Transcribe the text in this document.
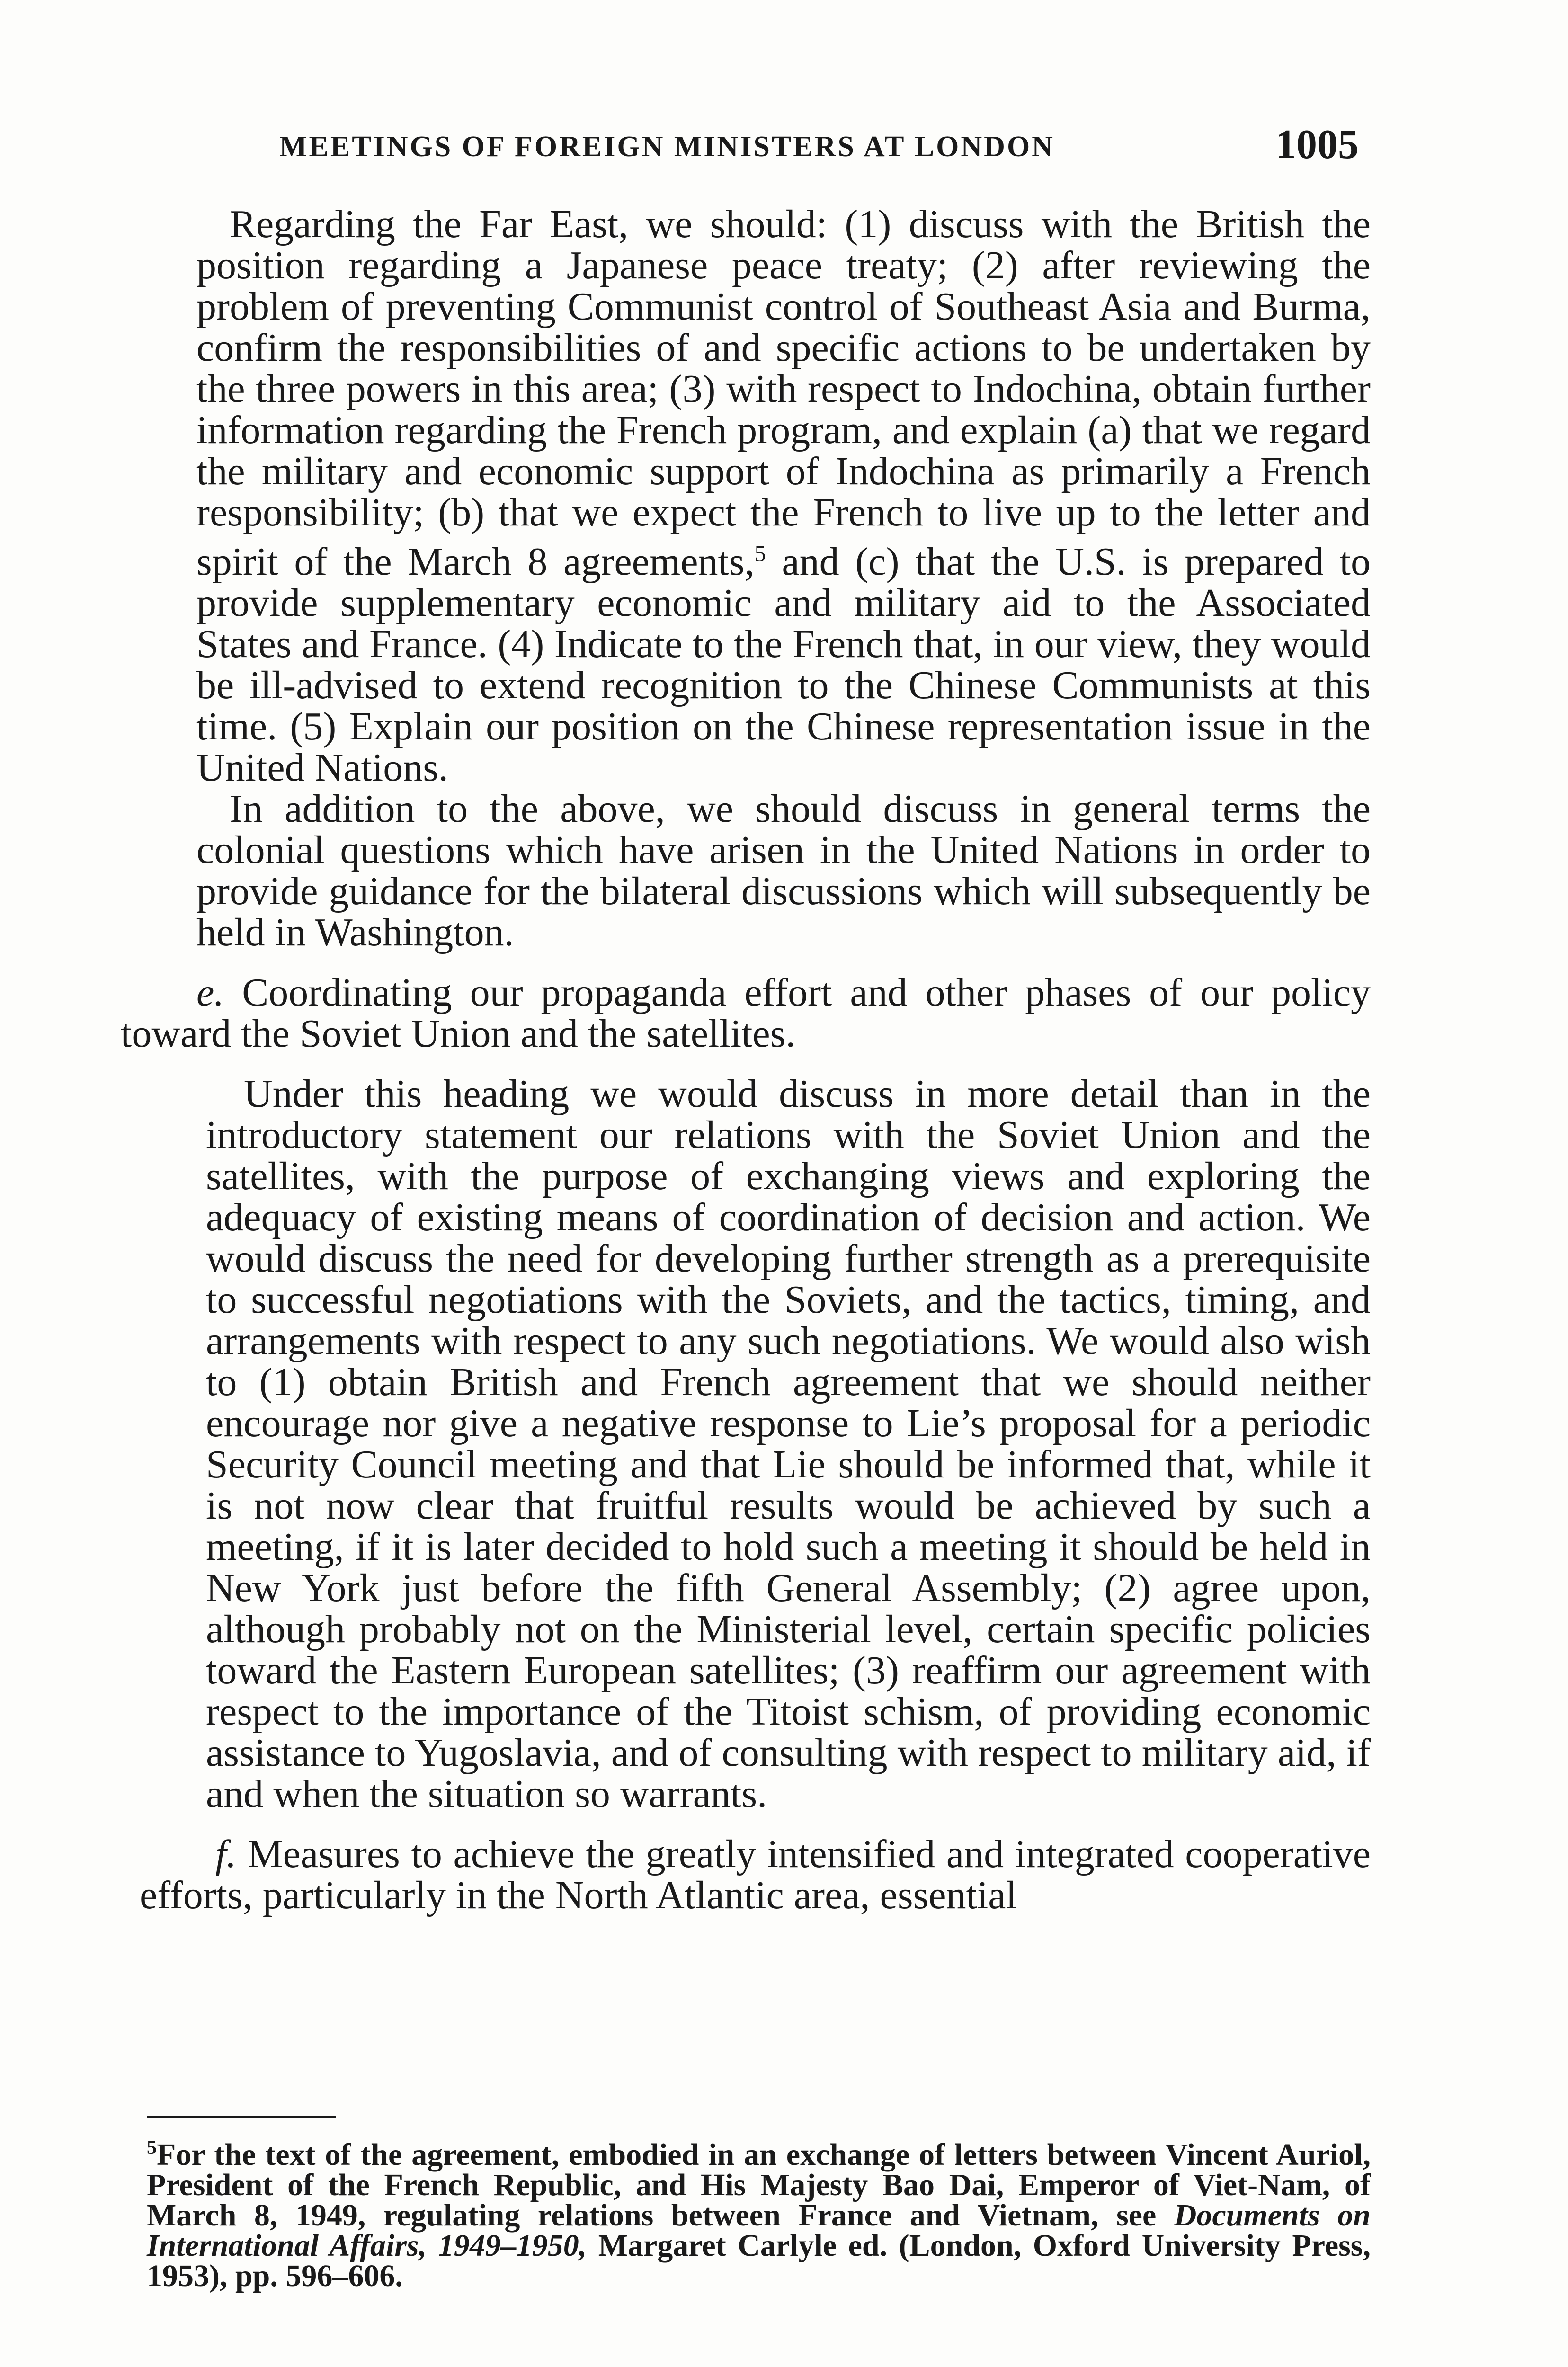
MEETINGS OF FOREIGN MINISTERS AT LONDON	1005

Regarding the Far East, we should: (1) discuss with the British the position regarding a Japanese peace treaty; (2) after reviewing the problem of preventing Communist control of Southeast Asia and Burma, confirm the responsibilities of and specific actions to be undertaken by the three powers in this area; (3) with respect to Indochina, obtain further information regarding the French program, and explain (a) that we regard the military and economic support of Indochina as primarily a French responsibility; (b) that we expect the French to live up to the letter and spirit of the March 8 agreements,$^5$ and (c) that the U.S. is prepared to provide supplementary economic and military aid to the Associated States and France. (4) Indicate to the French that, in our view, they would be ill-advised to extend recognition to the Chinese Communists at this time. (5) Explain our position on the Chinese representation issue in the United Nations.

In addition to the above, we should discuss in general terms the colonial questions which have arisen in the United Nations in order to provide guidance for the bilateral discussions which will subsequently be held in Washington.

e. Coordinating our propaganda effort and other phases of our policy toward the Soviet Union and the satellites.

Under this heading we would discuss in more detail than in the introductory statement our relations with the Soviet Union and the satellites, with the purpose of exchanging views and exploring the adequacy of existing means of coordination of decision and action. We would discuss the need for developing further strength as a prerequisite to successful negotiations with the Soviets, and the tactics, timing, and arrangements with respect to any such negotiations. We would also wish to (1) obtain British and French agreement that we should neither encourage nor give a negative response to Lie’s proposal for a periodic Security Council meeting and that Lie should be informed that, while it is not now clear that fruitful results would be achieved by such a meeting, if it is later decided to hold such a meeting it should be held in New York just before the fifth General Assembly; (2) agree upon, although probably not on the Ministerial level, certain specific policies toward the Eastern European satellites; (3) reaffirm our agreement with respect to the importance of the Titoist schism, of providing economic assistance to Yugoslavia, and of consulting with respect to military aid, if and when the situation so warrants.

f. Measures to achieve the greatly intensified and integrated cooperative efforts, particularly in the North Atlantic area, essential

$^5$For the text of the agreement, embodied in an exchange of letters between Vincent Auriol, President of the French Republic, and His Majesty Bao Dai, Emperor of Viet-Nam, of March 8, 1949, regulating relations between France and Vietnam, see Documents on International Affairs, 1949–1950, Margaret Carlyle ed. (London, Oxford University Press, 1953), pp. 596–606.
